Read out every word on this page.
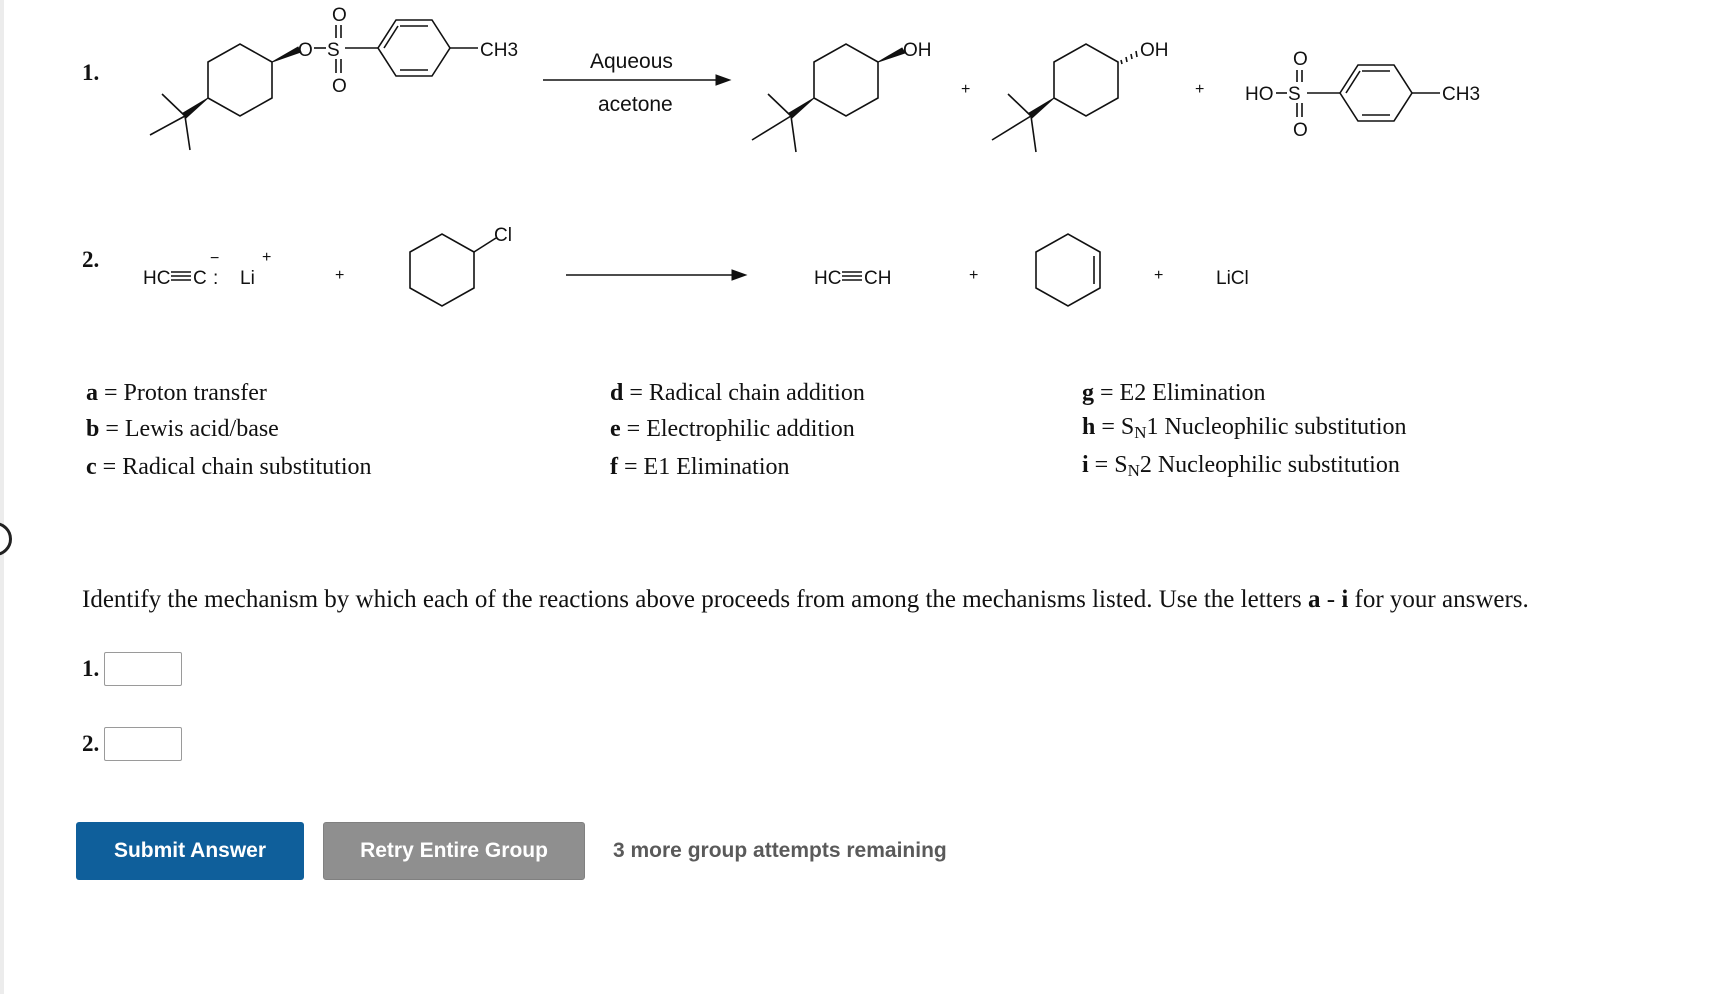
1.
2.
O S
O
O
CH3	Aqueous
acetone
OH
+
OH
+ HO S
O
O
CH3
HC C
−
: Li
+
+
Cl
HC CH	+	+	LiCl
a = Proton transfer
b = Lewis acid/base
c = Radical chain substitution
d = Radical chain addition
e = Electrophilic addition
f = E1 Elimination
g = E2 Elimination
$h = S_N1$ Nucleophilic substitution
$i = S_N2$ Nucleophilic substitution
Identify the mechanism by which each of the reactions above proceeds from among the mechanisms listed. Use the letters a - i for your answers.
1.
2.
Submit Answer	Retry Entire Group	3 more group attempts remaining
